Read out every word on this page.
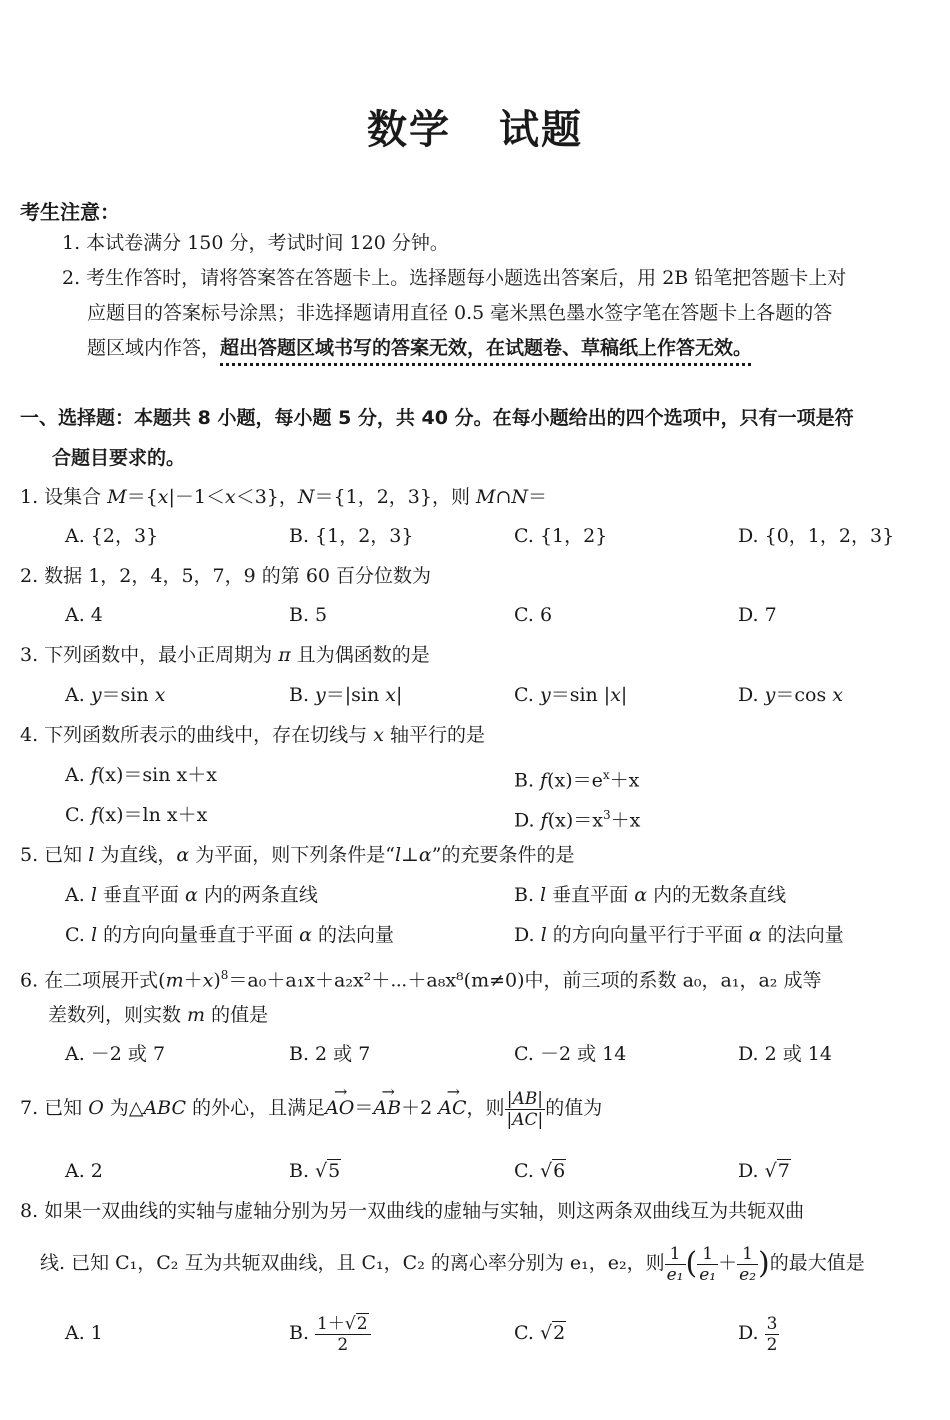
数学 试题
考生注意：
1. 本试卷满分 150 分，考试时间 120 分钟。
2. 考生作答时，请将答案答在答题卡上。选择题每小题选出答案后，用 2B 铅笔把答题卡上对
应题目的答案标号涂黑；非选择题请用直径 0.5 毫米黑色墨水签字笔在答题卡上各题的答
题区域内作答，超出答题区域书写的答案无效，在试题卷、草稿纸上作答无效。
一、选择题：本题共 8 小题，每小题 5 分，共 40 分。在每小题给出的四个选项中，只有一项是符
合题目要求的。
1. 设集合 M＝{x|－1＜x＜3}，N＝{1，2，3}，则 M∩N＝
A. {2，3}	B. {1，2，3}	C. {1，2}	D. {0，1，2，3}
2. 数据 1，2，4，5，7，9 的第 60 百分位数为
A. 4	B. 5	C. 6	D. 7
3. 下列函数中，最小正周期为 π 且为偶函数的是
A. y＝sin x	B. y＝|sin x|	C. y＝sin |x|	D. y＝cos x
4. 下列函数所表示的曲线中，存在切线与 x 轴平行的是
A. f(x)＝sin x＋x	B. $f(x)=e^x+x$
C. f(x)＝ln x＋x	D. $f(x)=x^3+x$
5. 已知 l 为直线，α 为平面，则下列条件是“l⊥α”的充要条件的是
A. l 垂直平面 α 内的两条直线	B. l 垂直平面 α 内的无数条直线
C. l 的方向向量垂直于平面 α 的法向量	D. l 的方向向量平行于平面 α 的法向量
6. 在二项展开式$(m+x)^8=a_0+a_1x+a_2x^2+\cdots+a_8x^8(m\ne 0)$中，前三项的系数 a₀，a₁，a₂ 成等
差数列，则实数 m 的值是
A. －2 或 7	B. 2 或 7	C. －2 或 14	D. 2 或 14
7. 已知 O 为△ABC 的外心，且满足→ AO＝→ AB＋2 → AC，则 $\frac{|AB|}{|AC|}$ 的值为
A. 2	B. √5	C. √6	D. √7
8. 如果一双曲线的实轴与虚轴分别为另一双曲线的虚轴与实轴，则这两条双曲线互为共轭双曲
线. 已知 C₁，C₂ 互为共轭双曲线，且 C₁，C₂ 的离心率分别为 e₁，e₂，则 $\frac{1}{\text{e₁}}$ ( $\frac{1}{\text{e₁}} + \frac{1}{\text{e₂}}$ )的最大值是
A. 1	B. $\frac{1+√2}{2}$	C. √2	D. $\frac{3}{2}$
